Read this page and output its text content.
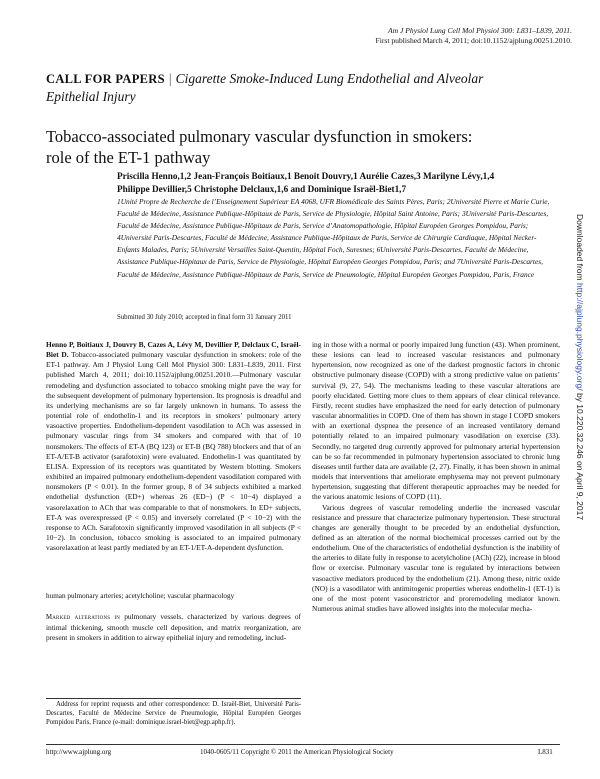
Am J Physiol Lung Cell Mol Physiol 300: L831–L839, 2011.
First published March 4, 2011; doi:10.1152/ajplung.00251.2010.
CALL FOR PAPERS | Cigarette Smoke-Induced Lung Endothelial and Alveolar Epithelial Injury
Tobacco-associated pulmonary vascular dysfunction in smokers: role of the ET-1 pathway
Priscilla Henno,1,2 Jean-François Boitiaux,1 Benoit Douvry,1 Aurélie Cazes,3 Marilyne Lévy,1,4
Philippe Devillier,5 Christophe Delclaux,1,6 and Dominique Israël-Biet1,7
1Unité Propre de Recherche de l’Enseignement Supérieur EA 4068, UFR Biomédicale des Saints Pères, Paris; 2Université Pierre et Marie Curie, Faculté de Médecine, Assistance Publique-Hôpitaux de Paris, Service de Physiologie, Hôpital Saint Antoine, Paris; 3Université Paris-Descartes, Faculté de Médecine, Assistance Publique-Hôpitaux de Paris, Service d’Anatomopathologie, Hôpital Européen Georges Pompidou, Paris; 4Université Paris-Descartes, Faculté de Médecine, Assistance Publique-Hôpitaux de Paris, Service de Chirurgie Cardiaque, Hôpital Necker-Enfants Malades, Paris; 5Université Versailles Saint-Quentin, Hôpital Foch, Suresnes; 6Université Paris-Descartes, Faculté de Médecine, Assistance Publique-Hôpitaux de Paris, Service de Physiologie, Hôpital Européen Georges Pompidou, Paris; and 7Université Paris-Descartes, Faculté de Médecine, Assistance Publique-Hôpitaux de Paris, Service de Pneumologie, Hôpital Européen Georges Pompidou, Paris, France
Submitted 30 July 2010; accepted in final form 31 January 2011
Henno P, Boitiaux J, Douvry B, Cazes A, Lévy M, Devillier P, Delclaux C, Israël-Biet D. Tobacco-associated pulmonary vascular dysfunction in smokers: role of the ET-1 pathway. Am J Physiol Lung Cell Mol Physiol 300: L831–L839, 2011. First published March 4, 2011; doi:10.1152/ajplung.00251.2010.—Pulmonary vascular remodeling and dysfunction associated to tobacco smoking might pave the way for the subsequent development of pulmonary hypertension. Its prognosis is dreadful and its underlying mechanisms are so far largely unknown in humans. To assess the potential role of endothelin-1 and its receptors in smokers’ pulmonary artery vasoactive properties. Endothelium-dependent vasodilation to ACh was assessed in pulmonary vascular rings from 34 smokers and compared with that of 10 nonsmokers. The effects of ET-A (BQ 123) or ET-B (BQ 788) blockers and that of an ET-A/ET-B activator (sarafotoxin) were evaluated. Endothelin-1 was quantitated by ELISA. Expression of its receptors was quantitated by Western blotting. Smokers exhibited an impaired pulmonary endothelium-dependent vasodilation compared with nonsmokers (P < 0.01). In the former group, 8 of 34 subjects exhibited a marked endothelial dysfunction (ED+) whereas 26 (ED−) (P < 10−4) displayed a vasorelaxation to ACh that was comparable to that of nonsmokers. In ED+ subjects, ET-A was overexpressed (P < 0.05) and inversely correlated (P < 10−2) with the response to ACh. Sarafotoxin significantly improved vasodilation in all subjects (P < 10−2). In conclusion, tobacco smoking is associated to an impaired pulmonary vasorelaxation at least partly mediated by an ET-1/ET-A-dependent dysfunction.
human pulmonary arteries; acetylcholine; vascular pharmacology
Marked alterations in pulmonary vessels, characterized by various degrees of intimal thickening, smooth muscle cell deposition, and matrix reorganization, are present in smokers in addition to airway epithelial injury and remodeling, includ-
Address for reprint requests and other correspondence: D. Israël-Biet, Université Paris-Descartes, Faculté de Médecine Service de Pneumologie, Hôpital Européen Georges Pompidou Paris, France (e-mail: dominique.israel-biet@egp.aphp.fr).

ing in those with a normal or poorly impaired lung function (43). When prominent, these lesions can lead to increased vascular resistances and pulmonary hypertension, now recognized as one of the darkest prognostic factors in chronic obstructive pulmonary disease (COPD) with a strong predictive value on patients’ survival (9, 27, 54). The mechanisms leading to these vascular alterations are poorly elucidated. Getting more clues to them appears of clear clinical relevance. Firstly, recent studies have emphasized the need for early detection of pulmonary vascular abnormalities in COPD. One of them has shown in stage I COPD smokers with an exertional dyspnea the presence of an increased ventilatory demand potentially related to an impaired pulmonary vasodilation on exercise (33). Secondly, no targeted drug currently approved for pulmonary arterial hypertension can be so far recommended in pulmonary hypertension associated to chronic lung diseases until further data are available (2, 27). Finally, it has been shown in animal models that interventions that ameliorate emphysema may not prevent pulmonary hypertension, suggesting that different therapeutic approaches may be needed for the various anatomic lesions of COPD (11).

Various degrees of vascular remodeling underlie the increased vascular resistance and pressure that characterize pulmonary hypertension. These structural changes are generally thought to be preceded by an endothelial dysfunction, defined as an alteration of the normal biochemical processes carried out by the endothelium. One of the characteristics of endothelial dysfunction is the inability of the arteries to dilate fully in response to acetylcholine (ACh) (22), increase in blood flow or exercise. Pulmonary vascular tone is regulated by interactions between vasoactive mediators produced by the endothelium (21). Among these, nitric oxide (NO) is a vasodilator with antimitogenic properties whereas endothelin-1 (ET-1) is one of the most potent vasoconstrictor and proremodeling mediator known. Numerous animal studies have allowed insights into the molecular mecha-

http://www.ajplung.org	1040-0605/11 Copyright © 2011 the American Physiological Society	L831
Downloaded from http://ajplung.physiology.org/ by 10.220.32.246 on April 9, 2017
